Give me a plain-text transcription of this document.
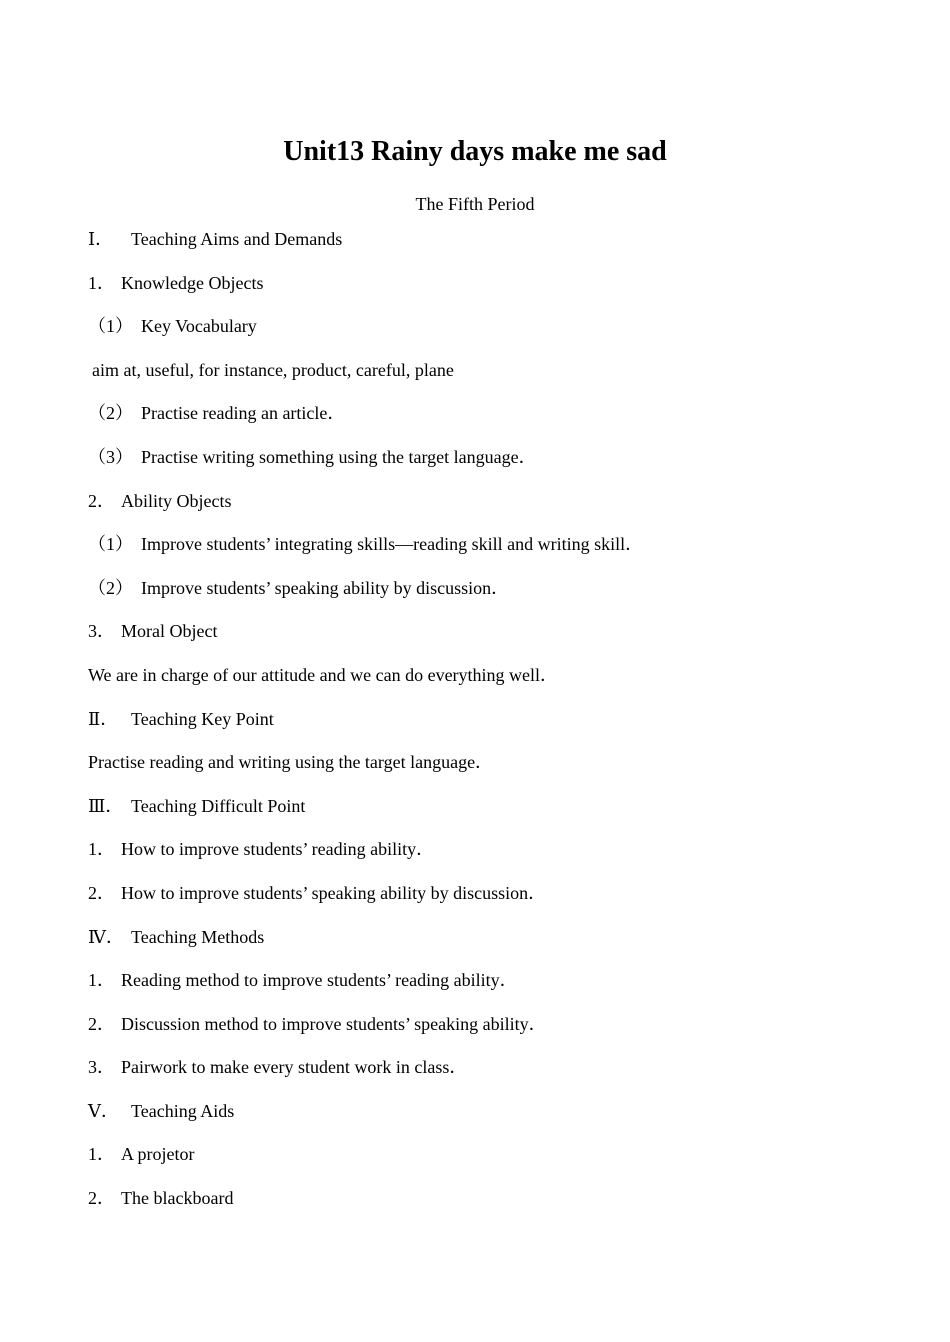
Unit13 Rainy days make me sad
The Fifth Period
Ⅰ． Teaching Aims and Demands
1． Knowledge Objects
（1） Key Vocabulary
aim at, useful, for instance, product, careful, plane
（2） Practise reading an article．
（3） Practise writing something using the target language．
2． Ability Objects
（1） Improve students’ integrating skills—reading skill and writing skill．
（2） Improve students’ speaking ability by discussion．
3． Moral Object
We are in charge of our attitude and we can do everything well．
Ⅱ． Teaching Key Point
Practise reading and writing using the target language．
Ⅲ． Teaching Difficult Point
1． How to improve students’ reading ability．
2． How to improve students’ speaking ability by discussion．
Ⅳ． Teaching Methods
1． Reading method to improve students’ reading ability．
2． Discussion method to improve students’ speaking ability．
3． Pairwork to make every student work in class．
Ⅴ． Teaching Aids
1． A projetor
2． The blackboard
